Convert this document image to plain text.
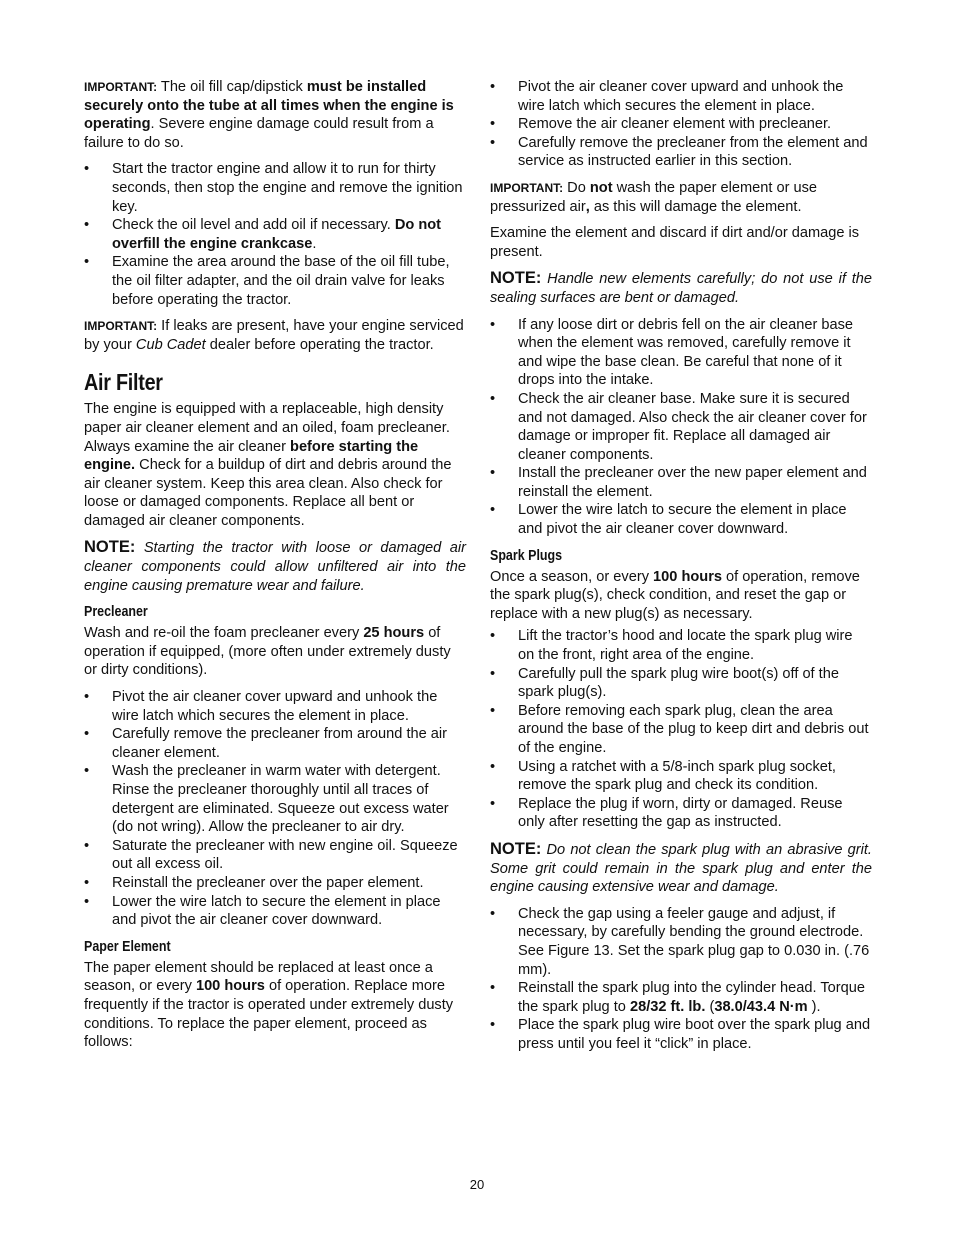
IMPORTANT: The oil fill cap/dipstick must be installed securely onto the tube at all times when the engine is operating. Severe engine damage could result from a failure to do so.

• Start the tractor engine and allow it to run for thirty seconds, then stop the engine and remove the ignition key.
• Check the oil level and add oil if necessary. Do not overfill the engine crankcase.
• Examine the area around the base of the oil fill tube, the oil filter adapter, and the oil drain valve for leaks before operating the tractor.

IMPORTANT: If leaks are present, have your engine serviced by your Cub Cadet dealer before operating the tractor.

Air Filter

The engine is equipped with a replaceable, high density paper air cleaner element and an oiled, foam precleaner. Always examine the air cleaner before starting the engine. Check for a buildup of dirt and debris around the air cleaner system. Keep this area clean. Also check for loose or damaged components. Replace all bent or damaged air cleaner components.

NOTE: Starting the tractor with loose or damaged air cleaner components could allow unfiltered air into the engine causing premature wear and failure.

Precleaner

Wash and re-oil the foam precleaner every 25 hours of operation if equipped, (more often under extremely dusty or dirty conditions).

• Pivot the air cleaner cover upward and unhook the wire latch which secures the element in place.
• Carefully remove the precleaner from around the air cleaner element.
• Wash the precleaner in warm water with detergent. Rinse the precleaner thoroughly until all traces of detergent are eliminated. Squeeze out excess water (do not wring). Allow the precleaner to air dry.
• Saturate the precleaner with new engine oil. Squeeze out all excess oil.
• Reinstall the precleaner over the paper element.
• Lower the wire latch to secure the element in place and pivot the air cleaner cover downward.
Paper Element

The paper element should be replaced at least once a season, or every 100 hours of operation. Replace more frequently if the tractor is operated under extremely dusty conditions. To replace the paper element, proceed as follows:

• Pivot the air cleaner cover upward and unhook the wire latch which secures the element in place.
• Remove the air cleaner element with precleaner.
• Carefully remove the precleaner from the element and service as instructed earlier in this section.

IMPORTANT: Do not wash the paper element or use pressurized air, as this will damage the element.

Examine the element and discard if dirt and/or damage is present.

NOTE: Handle new elements carefully; do not use if the sealing surfaces are bent or damaged.

• If any loose dirt or debris fell on the air cleaner base when the element was removed, carefully remove it and wipe the base clean. Be careful that none of it drops into the intake.
• Check the air cleaner base. Make sure it is secured and not damaged. Also check the air cleaner cover for damage or improper fit. Replace all damaged air cleaner components.
• Install the precleaner over the new paper element and reinstall the element.
• Lower the wire latch to secure the element in place and pivot the air cleaner cover downward.
Spark Plugs

Once a season, or every 100 hours of operation, remove the spark plug(s), check condition, and reset the gap or replace with a new plug(s) as necessary.

• Lift the tractor’s hood and locate the spark plug wire on the front, right area of the engine.
• Carefully pull the spark plug wire boot(s) off of the spark plug(s).
• Before removing each spark plug, clean the area around the base of the plug to keep dirt and debris out of the engine.
• Using a ratchet with a 5/8-inch spark plug socket, remove the spark plug and check its condition.
• Replace the plug if worn, dirty or damaged. Reuse only after resetting the gap as instructed.

NOTE: Do not clean the spark plug with an abrasive grit. Some grit could remain in the spark plug and enter the engine causing extensive wear and damage.

• Check the gap using a feeler gauge and adjust, if necessary, by carefully bending the ground electrode. See Figure 13. Set the spark plug gap to 0.030 in. (.76 mm).
• Reinstall the spark plug into the cylinder head. Torque the spark plug to 28/32 ft. lb. (38.0/43.4 N·m ).
• Place the spark plug wire boot over the spark plug and press until you feel it “click” in place.
20
